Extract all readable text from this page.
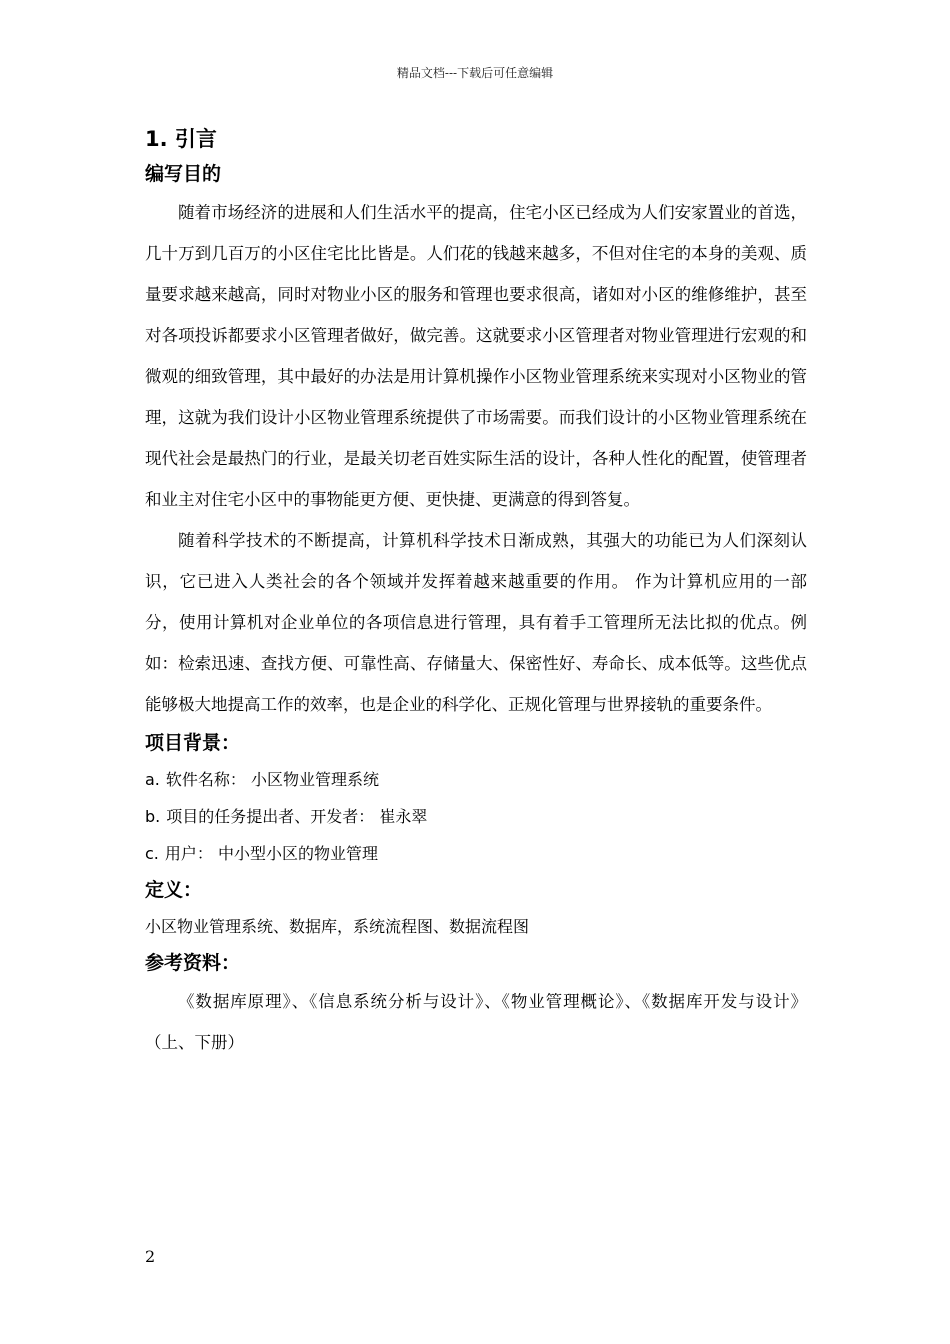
精品文档---下载后可任意编辑
1. 引言
编写目的

随着市场经济的进展和人们生活水平的提高，住宅小区已经成为人们安家置业的首选，几十万到几百万的小区住宅比比皆是。人们花的钱越来越多，不但对住宅的本身的美观、质量要求越来越高，同时对物业小区的服务和管理也要求很高，诸如对小区的维修维护，甚至对各项投诉都要求小区管理者做好，做完善。这就要求小区管理者对物业管理进行宏观的和微观的细致管理，其中最好的办法是用计算机操作小区物业管理系统来实现对小区物业的管理，这就为我们设计小区物业管理系统提供了市场需要。而我们设计的小区物业管理系统在现代社会是最热门的行业，是最关切老百姓实际生活的设计，各种人性化的配置，使管理者和业主对住宅小区中的事物能更方便、更快捷、更满意的得到答复。

随着科学技术的不断提高，计算机科学技术日渐成熟，其强大的功能已为人们深刻认识，它已进入人类社会的各个领域并发挥着越来越重要的作用。 作为计算机应用的一部分，使用计算机对企业单位的各项信息进行管理，具有着手工管理所无法比拟的优点。例如：检索迅速、查找方便、可靠性高、存储量大、保密性好、寿命长、成本低等。这些优点能够极大地提高工作的效率，也是企业的科学化、正规化管理与世界接轨的重要条件。

项目背景：
a. 软件名称： 小区物业管理系统
b. 项目的任务提出者、开发者： 崔永翠
c. 用户： 中小型小区的物业管理
定义：
小区物业管理系统、数据库，系统流程图、数据流程图
参考资料：

《数据库原理》、《信息系统分析与设计》、《物业管理概论》、《数据库开发与设计》（上、下册）

2
